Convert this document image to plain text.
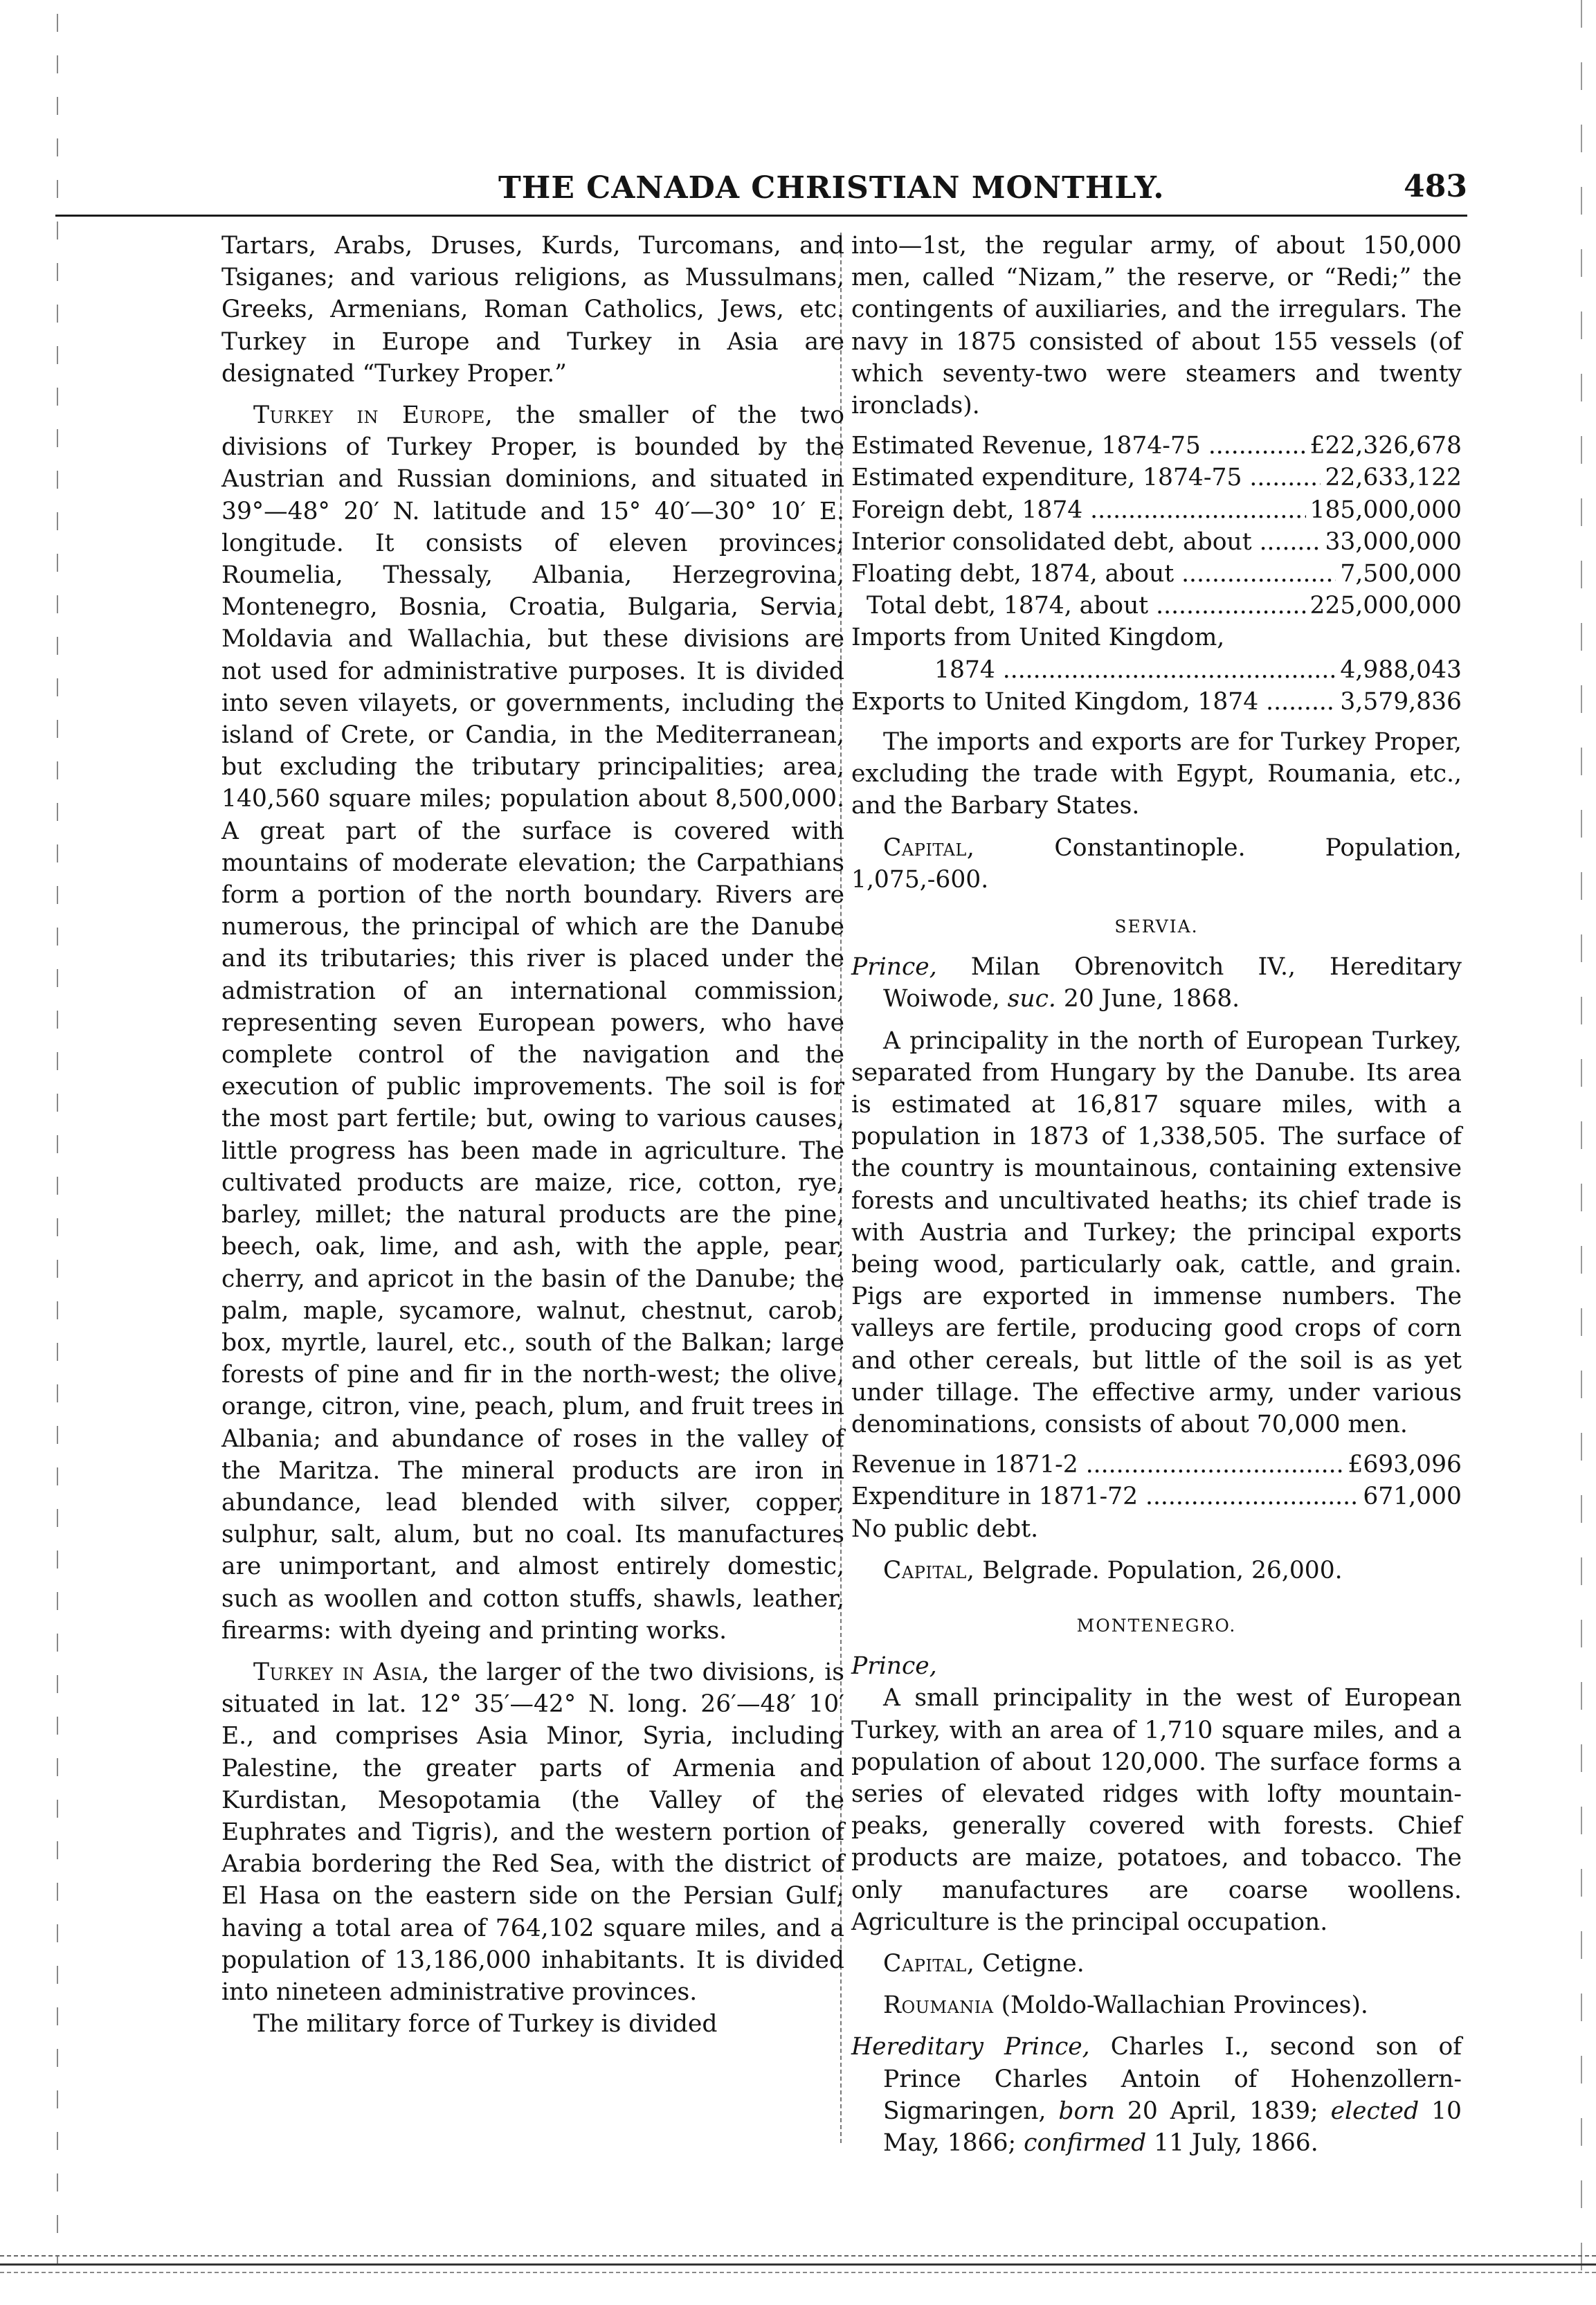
THE CANADA CHRISTIAN MONTHLY.	483

Tartars, Arabs, Druses, Kurds, Turcomans, and Tsiganes; and various religions, as Mussulmans, Greeks, Armenians, Roman Catholics, Jews, etc. Turkey in Europe and Turkey in Asia are designated “Turkey Proper.”

Turkey in Europe, the smaller of the two divisions of Turkey Proper, is bounded by the Austrian and Russian dominions, and situated in 39°—48° 20′ N. latitude and 15° 40′—30° 10′ E. longitude. It consists of eleven provinces; Roumelia, Thessaly, Albania, Herzegrovina, Montenegro, Bosnia, Croatia, Bulgaria, Servia, Moldavia and Wallachia, but these divisions are not used for administrative purposes. It is divided into seven vilayets, or governments, including the island of Crete, or Candia, in the Mediterranean, but excluding the tributary principalities; area, 140,560 square miles; population about 8,500,000. A great part of the surface is covered with mountains of moderate elevation; the Carpathians form a portion of the north boundary. Rivers are numerous, the principal of which are the Danube and its tributaries; this river is placed under the admistration of an international commission, representing seven European powers, who have complete control of the navigation and the execution of public improvements. The soil is for the most part fertile; but, owing to various causes, little progress has been made in agriculture. The cultivated products are maize, rice, cotton, rye, barley, millet; the natural products are the pine, beech, oak, lime, and ash, with the apple, pear, cherry, and apricot in the basin of the Danube; the palm, maple, sycamore, walnut, chestnut, carob, box, myrtle, laurel, etc., south of the Balkan; large forests of pine and fir in the north-west; the olive, orange, citron, vine, peach, plum, and fruit trees in Albania; and abundance of roses in the valley of the Maritza. The mineral products are iron in abundance, lead blended with silver, copper, sulphur, salt, alum, but no coal. Its manufactures are unimportant, and almost entirely domestic, such as woollen and cotton stuffs, shawls, leather, firearms: with dyeing and printing works.

Turkey in Asia, the larger of the two divisions, is situated in lat. 12° 35′—42° N. long. 26′—48′ 10′ E., and comprises Asia Minor, Syria, including Palestine, the greater parts of Armenia and Kurdistan, Mesopotamia (the Valley of the Euphrates and Tigris), and the western portion of Arabia bordering the Red Sea, with the district of El Hasa on the eastern side on the Persian Gulf; having a total area of 764,102 square miles, and a population of 13,186,000 inhabitants. It is divided into nineteen administrative provinces.

The military force of Turkey is divided

into—1st, the regular army, of about 150,000 men, called “Nizam,” the reserve, or “Redi;” the contingents of auxiliaries, and the irregulars. The navy in 1875 consisted of about 155 vessels (of which seventy-two were steamers and twenty ironclads).

Estimated Revenue, 1874-75 .....	£22,326,678
Estimated expenditure, 1874-75 .....	22,633,122
Foreign debt, 1874 .....	185,000,000
Interior consolidated debt, about .....	33,000,000
Floating debt, 1874, about .....	7,500,000
Total debt, 1874, about .....	225,000,000
Imports from United Kingdom,
1874 .....	4,988,043
Exports to United Kingdom, 1874 .....	3,579,836

The imports and exports are for Turkey Proper, excluding the trade with Egypt, Roumania, etc., and the Barbary States.

Capital, Constantinople. Population, 1,075,-600.

SERVIA.

Prince, Milan Obrenovitch IV., Hereditary Woiwode, suc. 20 June, 1868.

A principality in the north of European Turkey, separated from Hungary by the Danube. Its area is estimated at 16,817 square miles, with a population in 1873 of 1,338,505. The surface of the country is mountainous, containing extensive forests and uncultivated heaths; its chief trade is with Austria and Turkey; the principal exports being wood, particularly oak, cattle, and grain. Pigs are exported in immense numbers. The valleys are fertile, producing good crops of corn and other cereals, but little of the soil is as yet under tillage. The effective army, under various denominations, consists of about 70,000 men.

Revenue in 1871-2 .....	£693,096
Expenditure in 1871-72 .....	671,000

No public debt.

Capital, Belgrade. Population, 26,000.

MONTENEGRO.

Prince,

A small principality in the west of European Turkey, with an area of 1,710 square miles, and a population of about 120,000. The surface forms a series of elevated ridges with lofty mountain-peaks, generally covered with forests. Chief products are maize, potatoes, and tobacco. The only manufactures are coarse woollens. Agriculture is the principal occupation.

Capital, Cetigne.

Roumania (Moldo-Wallachian Provinces).

Hereditary Prince, Charles I., second son of Prince Charles Antoin of Hohenzollern-Sigmaringen, born 20 April, 1839; elected 10 May, 1866; confirmed 11 July, 1866.
